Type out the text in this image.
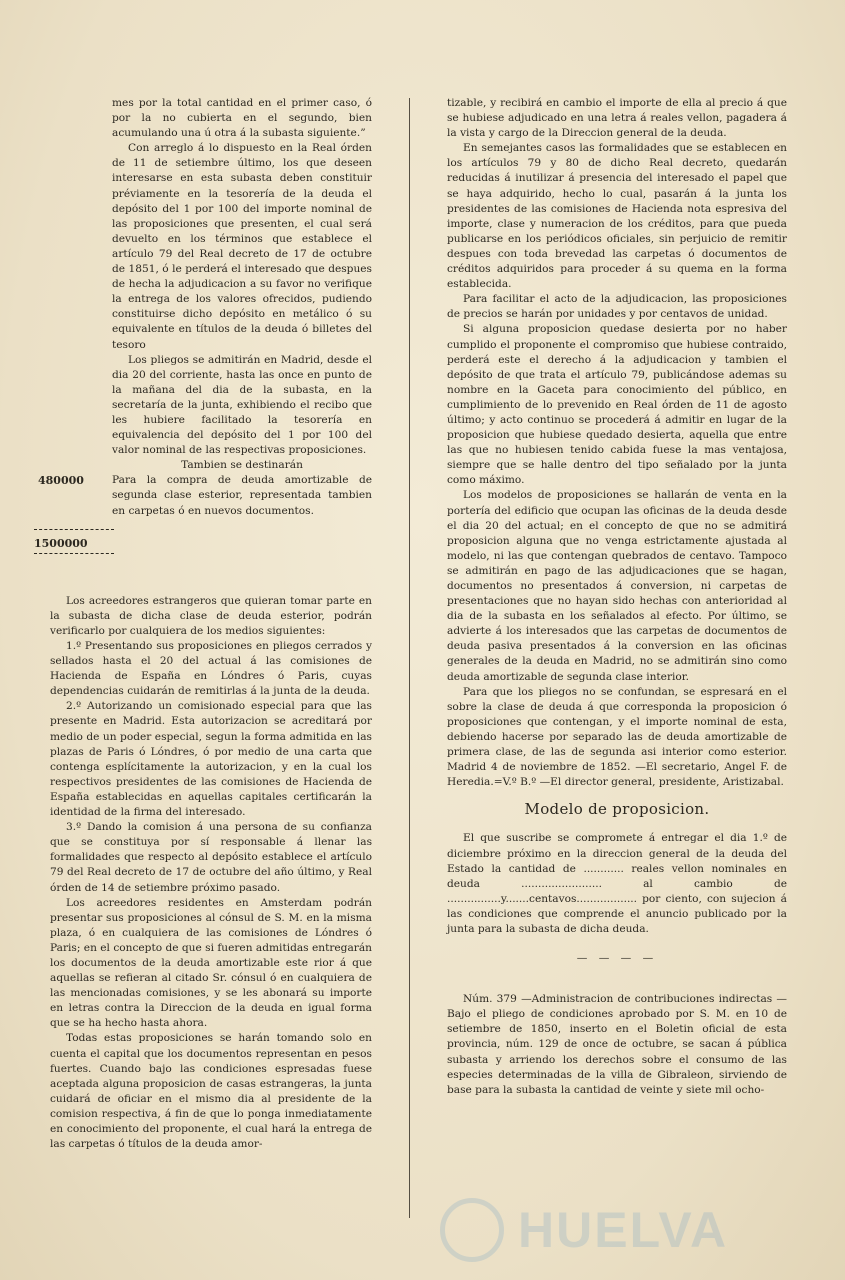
mes por la total cantidad en el primer caso, ó por la no cubierta en el segundo, bien acumulando una ú otra á la subasta siguiente.”

Con arreglo á lo dispuesto en la Real órden de 11 de setiembre último, los que deseen interesarse en esta subasta deben constituir préviamente en la tesorería de la deuda el depósito del 1 por 100 del importe nominal de las proposiciones que presenten, el cual será devuelto en los términos que establece el artículo 79 del Real decreto de 17 de octubre de 1851, ó le perderá el interesado que despues de hecha la adjudicacion a su favor no verifique la entrega de los valores ofrecidos, pudiendo constituirse dicho depósito en metálico ó su equivalente en títulos de la deuda ó billetes del tesoro

Los pliegos se admitirán en Madrid, desde el dia 20 del corriente, hasta las once en punto de la mañana del dia de la subasta, en la secretaría de la junta, exhibiendo el recibo que les hubiere facilitado la tesorería en equivalencia del depósito del 1 por 100 del valor nominal de las respectivas proposiciones.

Tambien se destinarán

480000	Para la compra de deuda amortizable de segunda clase esterior, representada tambien en carpetas ó en nuevos documentos.
1500000

Los acreedores estrangeros que quieran tomar parte en la subasta de dicha clase de deuda esterior, podrán verificarlo por cualquiera de los medios siguientes:

1.º Presentando sus proposiciones en pliegos cerrados y sellados hasta el 20 del actual á las comisiones de Hacienda de España en Lóndres ó Paris, cuyas dependencias cuidarán de remitirlas á la junta de la deuda.

2.º Autorizando un comisionado especial para que las presente en Madrid. Esta autorizacion se acreditará por medio de un poder especial, segun la forma admitida en las plazas de Paris ó Lóndres, ó por medio de una carta que contenga esplícitamente la autorizacion, y en la cual los respectivos presidentes de las comisiones de Hacienda de España establecidas en aquellas capitales certificarán la identidad de la firma del interesado.

3.º Dando la comision á una persona de su confianza que se constituya por sí responsable á llenar las formalidades que respecto al depósito establece el artículo 79 del Real decreto de 17 de octubre del año último, y Real órden de 14 de setiembre próximo pasado.

Los acreedores residentes en Amsterdam podrán presentar sus proposiciones al cónsul de S. M. en la misma plaza, ó en cualquiera de las comisiones de Lóndres ó Paris; en el concepto de que si fueren admitidas entregarán los documentos de la deuda amortizable este rior á que aquellas se refieran al citado Sr. cónsul ó en cualquiera de las mencionadas comisiones, y se les abonará su importe en letras contra la Direccion de la deuda en igual forma que se ha hecho hasta ahora.

Todas estas proposiciones se harán tomando solo en cuenta el capital que los documentos representan en pesos fuertes. Cuando bajo las condiciones espresadas fuese aceptada alguna proposicion de casas estrangeras, la junta cuidará de oficiar en el mismo dia al presidente de la comision respectiva, á fin de que lo ponga inmediatamente en conocimiento del proponente, el cual hará la entrega de las carpetas ó títulos de la deuda amor-

tizable, y recibirá en cambio el importe de ella al precio á que se hubiese adjudicado en una letra á reales vellon, pagadera á la vista y cargo de la Direccion general de la deuda.

En semejantes casos las formalidades que se establecen en los artículos 79 y 80 de dicho Real decreto, quedarán reducidas á inutilizar á presencia del interesado el papel que se haya adquirido, hecho lo cual, pasarán á la junta los presidentes de las comisiones de Hacienda nota espresiva del importe, clase y numeracion de los créditos, para que pueda publicarse en los periódicos oficiales, sin perjuicio de remitir despues con toda brevedad las carpetas ó documentos de créditos adquiridos para proceder á su quema en la forma establecida.

Para facilitar el acto de la adjudicacion, las proposiciones de precios se harán por unidades y por centavos de unidad.

Si alguna proposicion quedase desierta por no haber cumplido el proponente el compromiso que hubiese contraido, perderá este el derecho á la adjudicacion y tambien el depósito de que trata el artículo 79, publicándose ademas su nombre en la Gaceta para conocimiento del público, en cumplimiento de lo prevenido en Real órden de 11 de agosto último; y acto continuo se procederá á admitir en lugar de la proposicion que hubiese quedado desierta, aquella que entre las que no hubiesen tenido cabida fuese la mas ventajosa, siempre que se halle dentro del tipo señalado por la junta como máximo.

Los modelos de proposiciones se hallarán de venta en la portería del edificio que ocupan las oficinas de la deuda desde el dia 20 del actual; en el concepto de que no se admitirá proposicion alguna que no venga estrictamente ajustada al modelo, ni las que contengan quebrados de centavo. Tampoco se admitirán en pago de las adjudicaciones que se hagan, documentos no presentados á conversion, ni carpetas de presentaciones que no hayan sido hechas con anterioridad al dia de la subasta en los señalados al efecto. Por último, se advierte á los interesados que las carpetas de documentos de deuda pasiva presentados á la conversion en las oficinas generales de la deuda en Madrid, no se admitirán sino como deuda amortizable de segunda clase interior.

Para que los pliegos no se confundan, se espresará en el sobre la clase de deuda á que corresponda la proposicion ó proposiciones que contengan, y el importe nominal de esta, debiendo hacerse por separado las de deuda amortizable de primera clase, de las de segunda asi interior como esterior. Madrid 4 de noviembre de 1852. —El secretario, Angel F. de Heredia.=V.º B.º —El director general, presidente, Aristizabal.

Modelo de proposicion.

El que suscribe se compromete á entregar el dia 1.º de diciembre próximo en la direccion general de la deuda del Estado la cantidad de ............ reales vellon nominales en deuda ........................ al cambio de ................y.......centavos.................. por ciento, con sujecion á las condiciones que comprende el anuncio publicado por la junta para la subasta de dicha deuda.

— — — —

Núm. 379 —Administracion de contribuciones indirectas —Bajo el pliego de condiciones aprobado por S. M. en 10 de setiembre de 1850, inserto en el Boletin oficial de esta provincia, núm. 129 de once de octubre, se sacan á pública subasta y arriendo los derechos sobre el consumo de las especies determinadas de la villa de Gibraleon, sirviendo de base para la subasta la cantidad de veinte y siete mil ocho-

HUELVA
